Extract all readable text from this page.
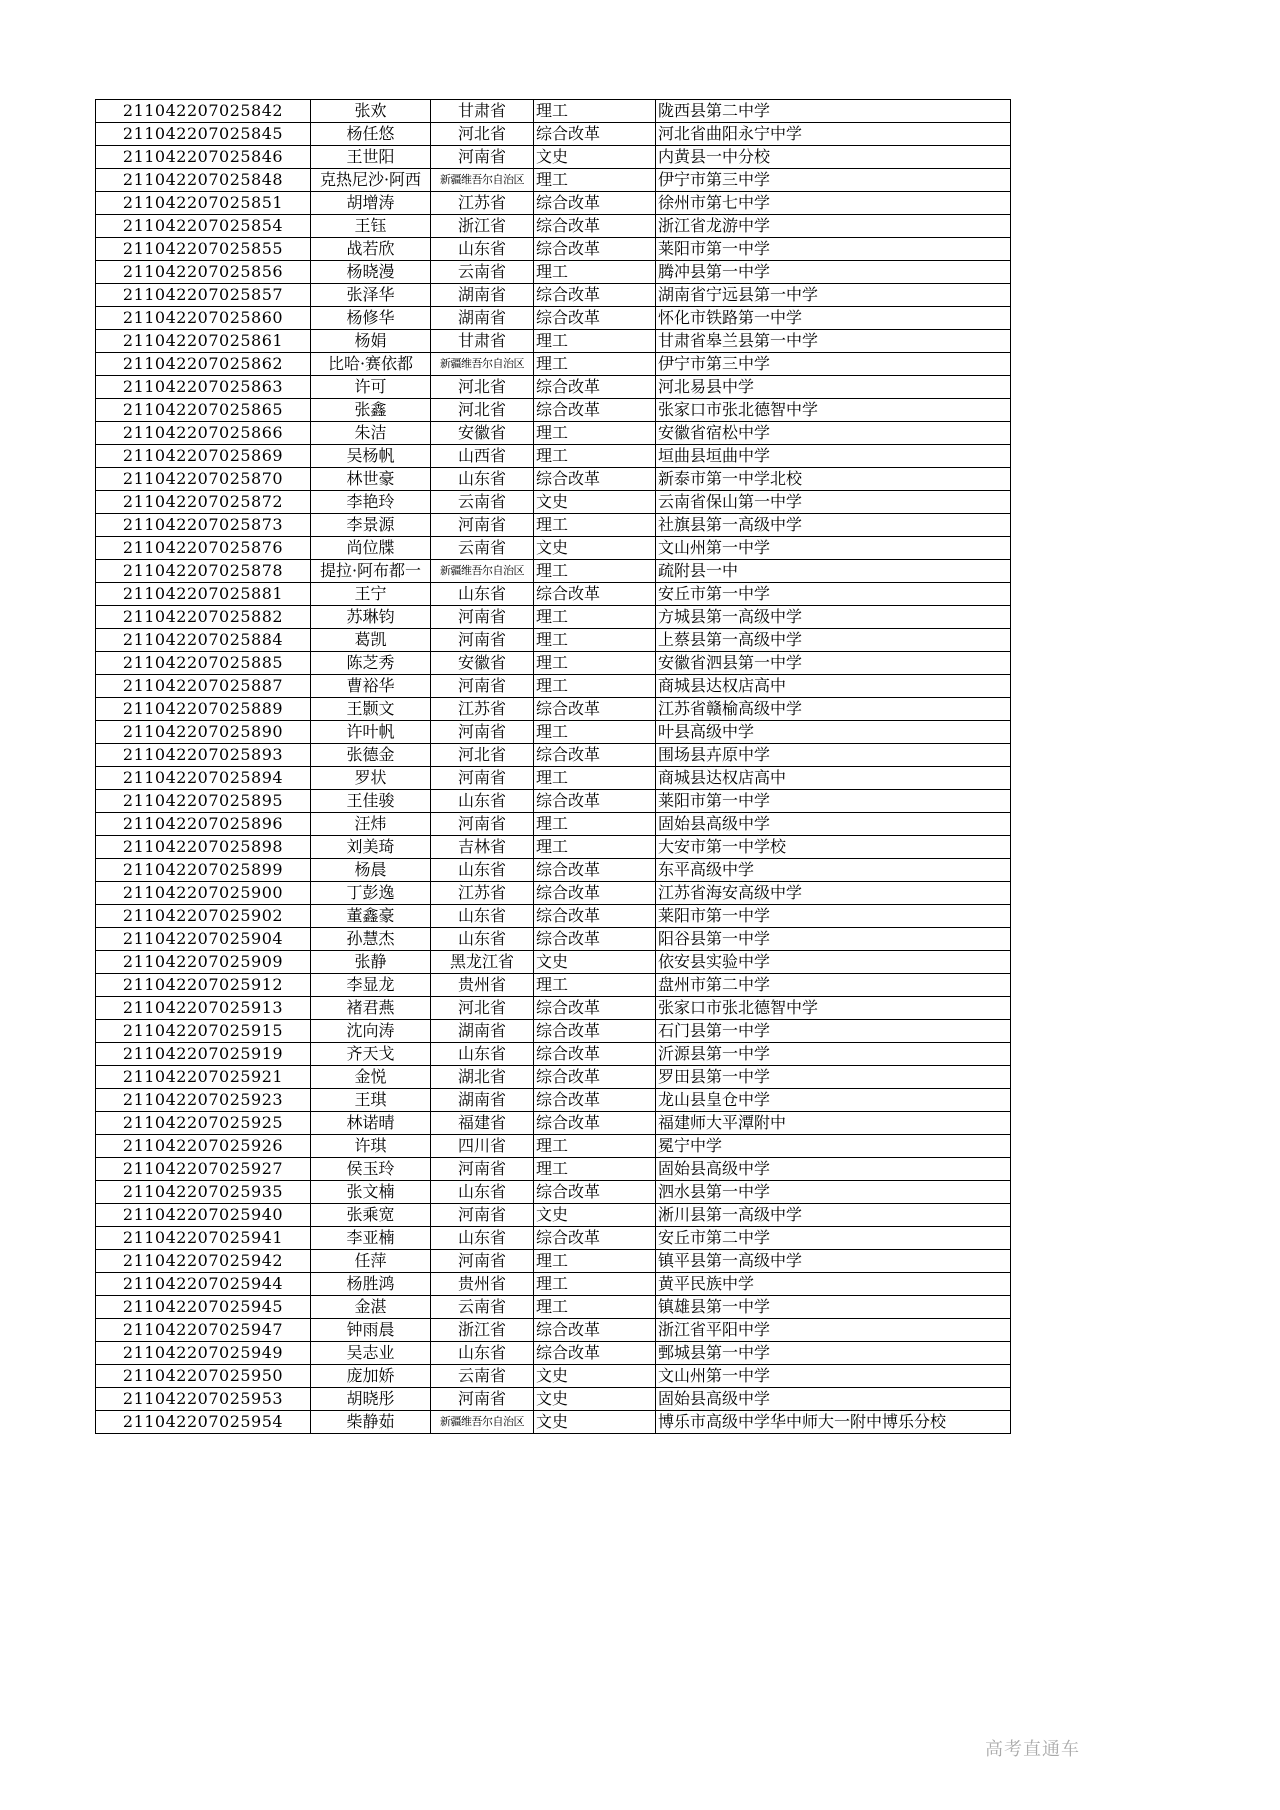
211042207025842	张欢	甘肃省	理工	陇西县第二中学
211042207025845	杨任悠	河北省	综合改革	河北省曲阳永宁中学
211042207025846	王世阳	河南省	文史	内黄县一中分校
211042207025848	克热尼沙·阿西	新疆维吾尔自治区	理工	伊宁市第三中学
211042207025851	胡增涛	江苏省	综合改革	徐州市第七中学
211042207025854	王钰	浙江省	综合改革	浙江省龙游中学
211042207025855	战若欣	山东省	综合改革	莱阳市第一中学
211042207025856	杨晓漫	云南省	理工	腾冲县第一中学
211042207025857	张泽华	湖南省	综合改革	湖南省宁远县第一中学
211042207025860	杨修华	湖南省	综合改革	怀化市铁路第一中学
211042207025861	杨娟	甘肃省	理工	甘肃省皋兰县第一中学
211042207025862	比哈·赛依都	新疆维吾尔自治区	理工	伊宁市第三中学
211042207025863	许可	河北省	综合改革	河北易县中学
211042207025865	张鑫	河北省	综合改革	张家口市张北德智中学
211042207025866	朱洁	安徽省	理工	安徽省宿松中学
211042207025869	吴杨帆	山西省	理工	垣曲县垣曲中学
211042207025870	林世豪	山东省	综合改革	新泰市第一中学北校
211042207025872	李艳玲	云南省	文史	云南省保山第一中学
211042207025873	李景源	河南省	理工	社旗县第一高级中学
211042207025876	尚位牒	云南省	文史	文山州第一中学
211042207025878	提拉·阿布都一	新疆维吾尔自治区	理工	疏附县一中
211042207025881	王宁	山东省	综合改革	安丘市第一中学
211042207025882	苏琳钧	河南省	理工	方城县第一高级中学
211042207025884	葛凯	河南省	理工	上蔡县第一高级中学
211042207025885	陈芝秀	安徽省	理工	安徽省泗县第一中学
211042207025887	曹裕华	河南省	理工	商城县达权店高中
211042207025889	王颢文	江苏省	综合改革	江苏省赣榆高级中学
211042207025890	许叶帆	河南省	理工	叶县高级中学
211042207025893	张德金	河北省	综合改革	围场县卉原中学
211042207025894	罗状	河南省	理工	商城县达权店高中
211042207025895	王佳骏	山东省	综合改革	莱阳市第一中学
211042207025896	汪炜	河南省	理工	固始县高级中学
211042207025898	刘美琦	吉林省	理工	大安市第一中学校
211042207025899	杨晨	山东省	综合改革	东平高级中学
211042207025900	丁彭逸	江苏省	综合改革	江苏省海安高级中学
211042207025902	董鑫豪	山东省	综合改革	莱阳市第一中学
211042207025904	孙慧杰	山东省	综合改革	阳谷县第一中学
211042207025909	张静	黑龙江省	文史	依安县实验中学
211042207025912	李显龙	贵州省	理工	盘州市第二中学
211042207025913	褚君燕	河北省	综合改革	张家口市张北德智中学
211042207025915	沈向涛	湖南省	综合改革	石门县第一中学
211042207025919	齐天戈	山东省	综合改革	沂源县第一中学
211042207025921	金悦	湖北省	综合改革	罗田县第一中学
211042207025923	王琪	湖南省	综合改革	龙山县皇仓中学
211042207025925	林诺晴	福建省	综合改革	福建师大平潭附中
211042207025926	许琪	四川省	理工	冕宁中学
211042207025927	侯玉玲	河南省	理工	固始县高级中学
211042207025935	张文楠	山东省	综合改革	泗水县第一中学
211042207025940	张乘宽	河南省	文史	淅川县第一高级中学
211042207025941	李亚楠	山东省	综合改革	安丘市第二中学
211042207025942	任萍	河南省	理工	镇平县第一高级中学
211042207025944	杨胜鸿	贵州省	理工	黄平民族中学
211042207025945	金湛	云南省	理工	镇雄县第一中学
211042207025947	钟雨晨	浙江省	综合改革	浙江省平阳中学
211042207025949	吴志业	山东省	综合改革	鄄城县第一中学
211042207025950	庞加娇	云南省	文史	文山州第一中学
211042207025953	胡晓彤	河南省	文史	固始县高级中学
211042207025954	柴静茹	新疆维吾尔自治区	文史	博乐市高级中学华中师大一附中博乐分校
高考直通车
